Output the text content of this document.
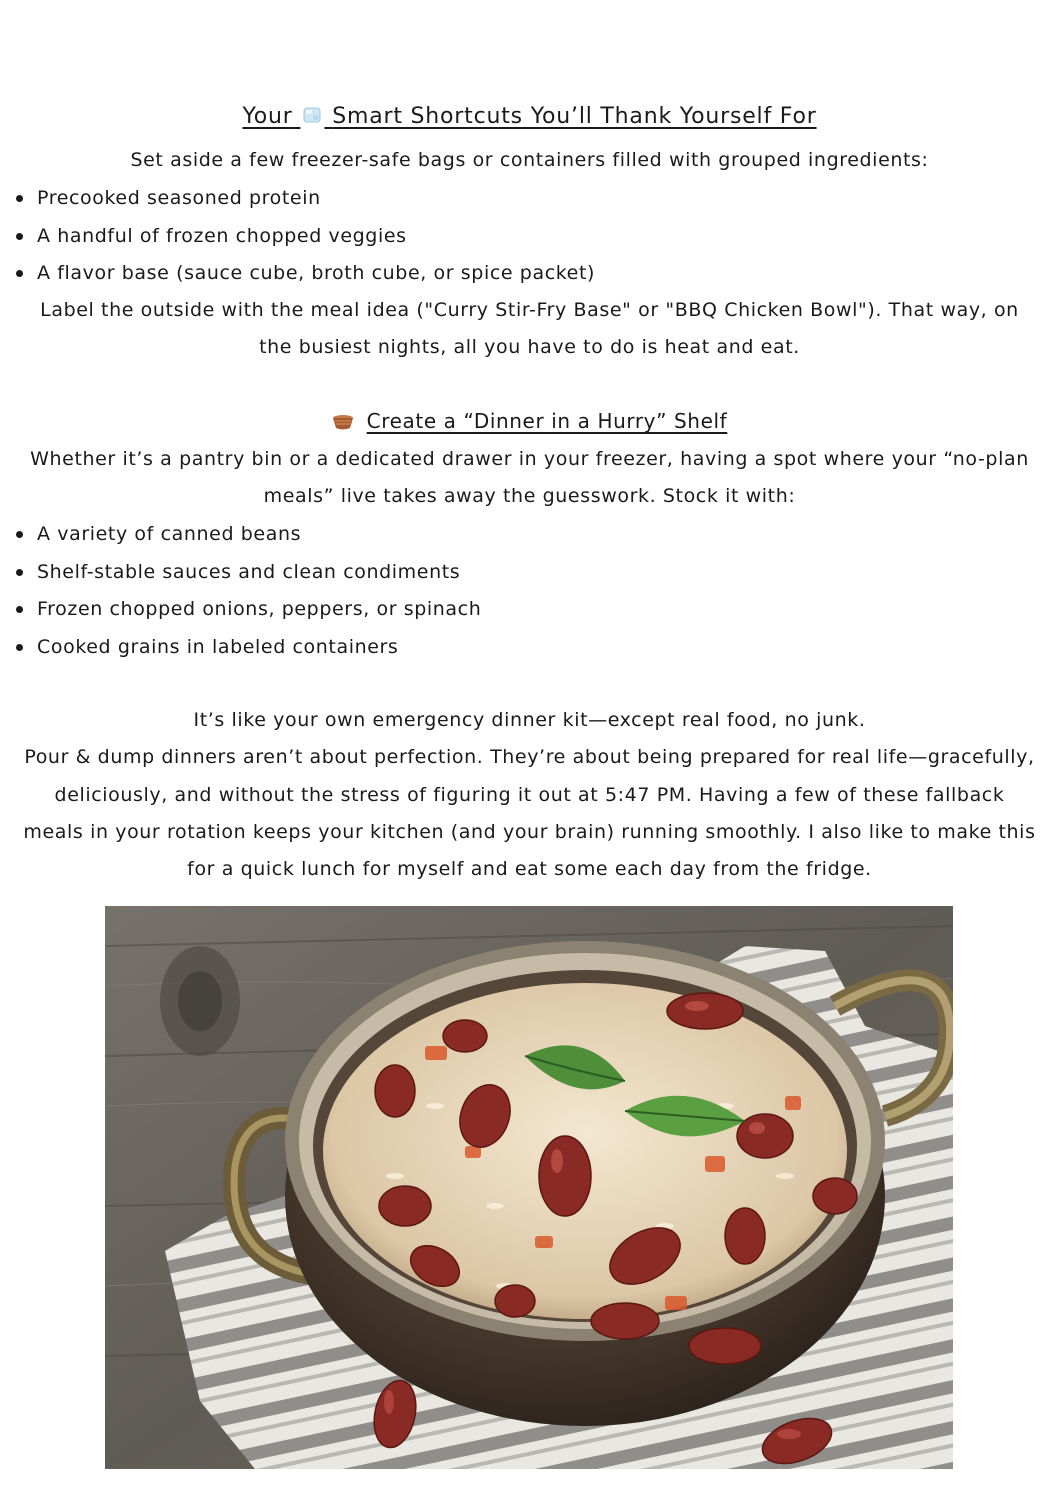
Your Smart Shortcuts You’ll Thank Yourself For
Set aside a few freezer-safe bags or containers filled with grouped ingredients:
Precooked seasoned protein
A handful of frozen chopped veggies
A flavor base (sauce cube, broth cube, or spice packet)
Label the outside with the meal idea ("Curry Stir-Fry Base" or "BBQ Chicken Bowl"). That way, on
the busiest nights, all you have to do is heat and eat.
Create a “Dinner in a Hurry” Shelf
Whether it’s a pantry bin or a dedicated drawer in your freezer, having a spot where your “no-plan
meals” live takes away the guesswork. Stock it with:
A variety of canned beans
Shelf-stable sauces and clean condiments
Frozen chopped onions, peppers, or spinach
Cooked grains in labeled containers
It’s like your own emergency dinner kit—except real food, no junk.
Pour & dump dinners aren’t about perfection. They’re about being prepared for real life—gracefully,
deliciously, and without the stress of figuring it out at 5:47 PM. Having a few of these fallback
meals in your rotation keeps your kitchen (and your brain) running smoothly. I also like to make this
for a quick lunch for myself and eat some each day from the fridge.
